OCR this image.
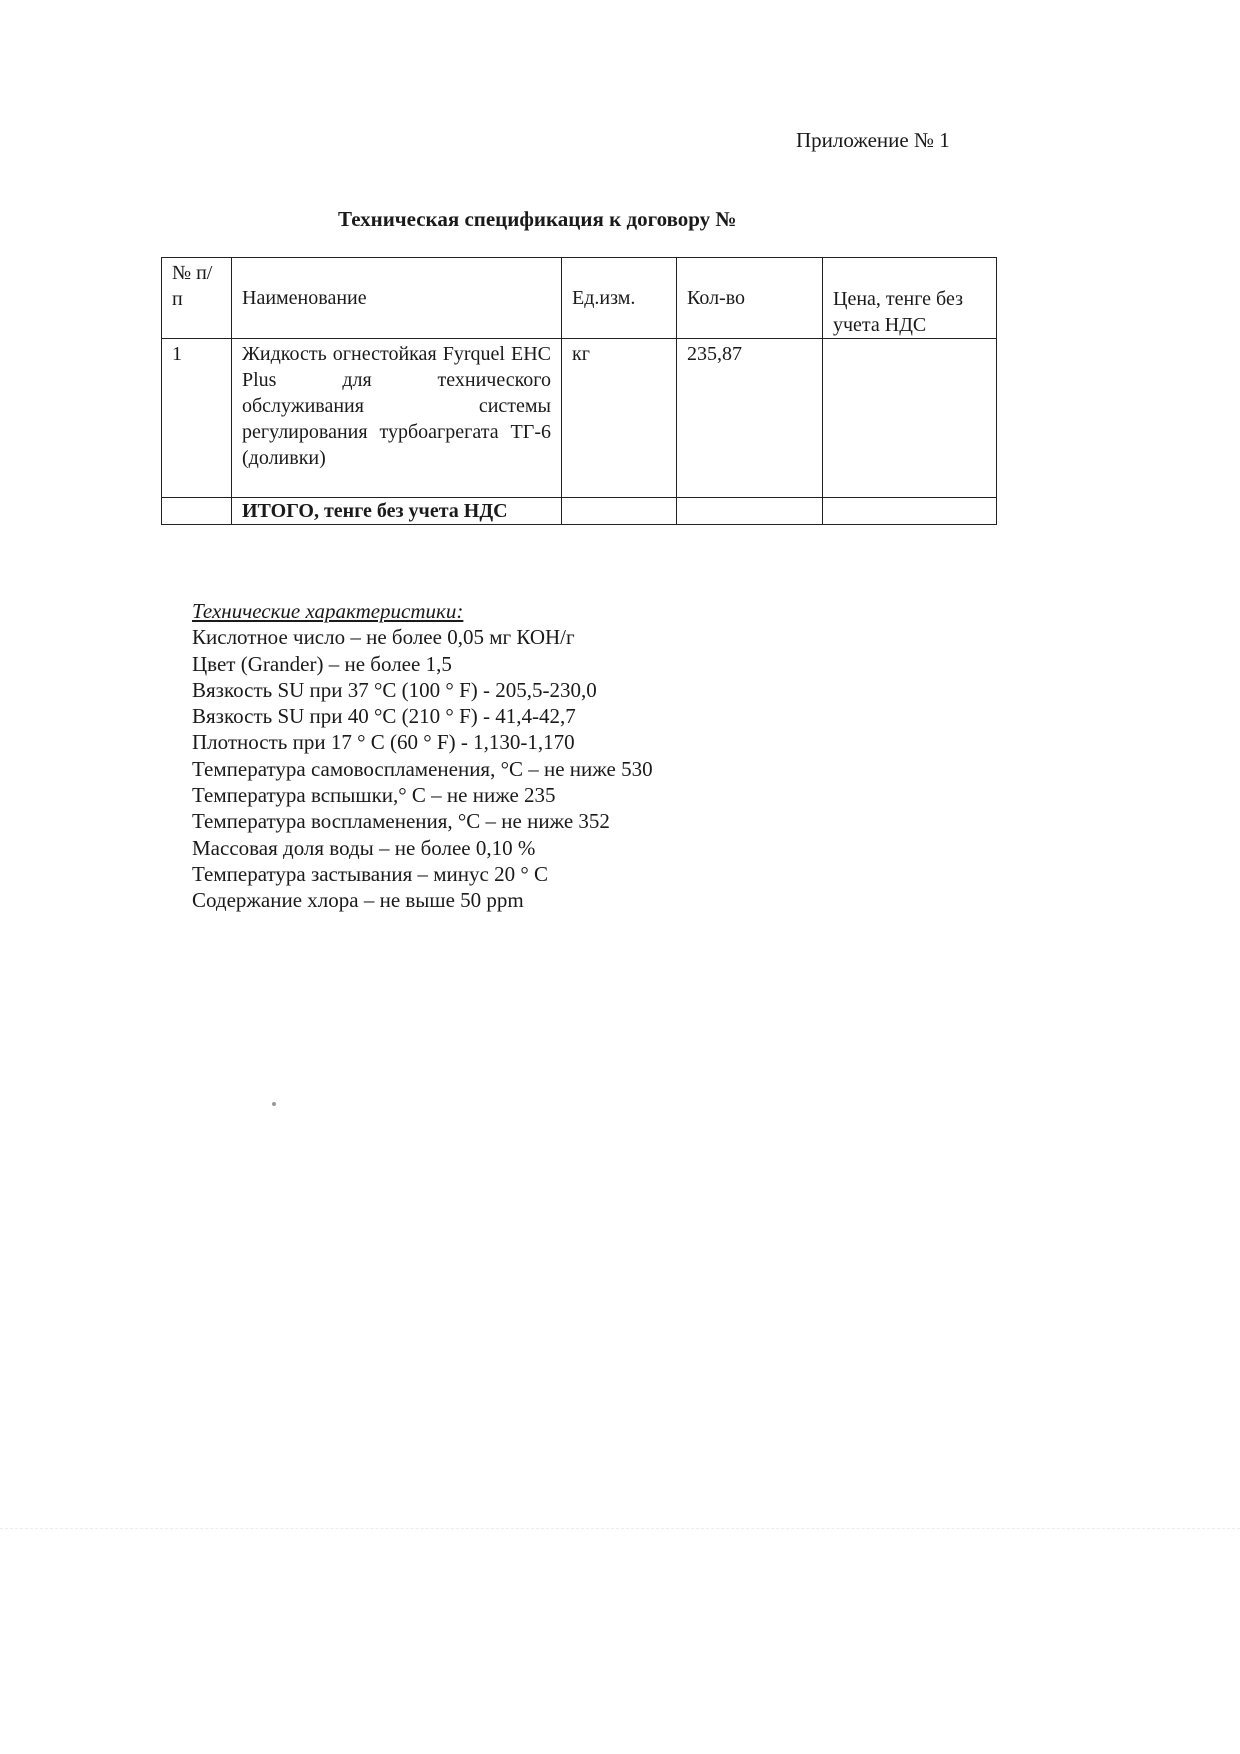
Приложение № 1
Техническая спецификация к договору №
№ п/п	Наименование	Ед.изм.	Кол-во	Цена, тенге без учета НДС
1	Жидкость огнестойкая Fyrquel EHC Plus для технического обслуживания системы регулирования турбоагрегата ТГ-6 (доливки)	кг	235,87	
	ИТОГО, тенге без учета НДС			
Технические характеристики:
Кислотное число – не более 0,05 мг КОН/г
Цвет (Grander) – не более 1,5
Вязкость SU при 37 °С (100 ° F) - 205,5-230,0
Вязкость SU при 40 °С (210 ° F) - 41,4-42,7
Плотность при 17 ° С (60 ° F) - 1,130-1,170
Температура самовоспламенения, °С – не ниже 530
Температура вспышки,° С – не ниже 235
Температура воспламенения, °С – не ниже 352
Массовая доля воды – не более 0,10 %
Температура застывания – минус 20 ° С
Содержание хлора – не выше 50 ppm
